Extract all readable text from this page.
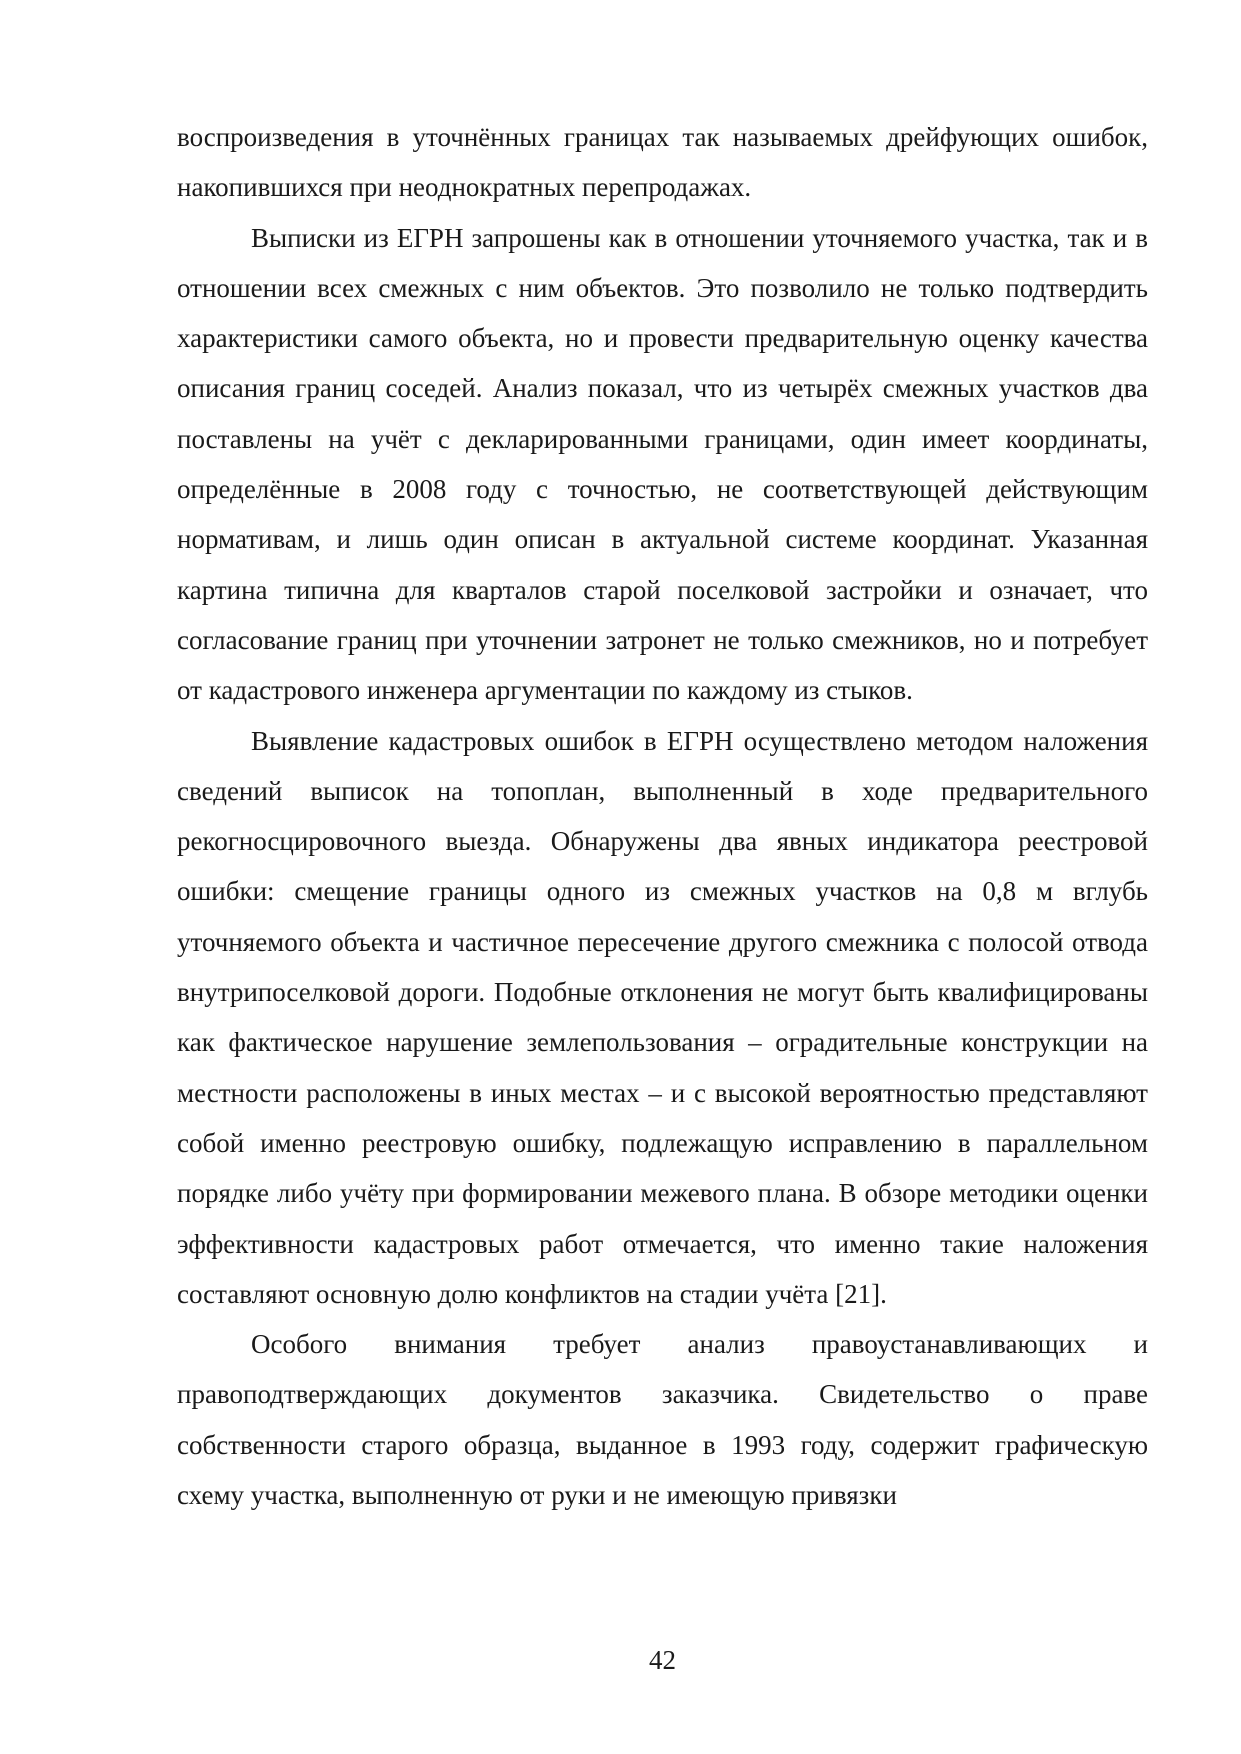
воспроизведения в уточнённых границах так называемых дрейфующих ошибок, накопившихся при неоднократных перепродажах.

Выписки из ЕГРН запрошены как в отношении уточняемого участка, так и в отношении всех смежных с ним объектов. Это позволило не только подтвердить характеристики самого объекта, но и провести предварительную оценку качества описания границ соседей. Анализ показал, что из четырёх смежных участков два поставлены на учёт с декларированными границами, один имеет координаты, определённые в 2008 году с точностью, не соответствующей действующим нормативам, и лишь один описан в актуальной системе координат. Указанная картина типична для кварталов старой поселковой застройки и означает, что согласование границ при уточнении затронет не только смежников, но и потребует от кадастрового инженера аргументации по каждому из стыков.

Выявление кадастровых ошибок в ЕГРН осуществлено методом наложения сведений выписок на топоплан, выполненный в ходе предварительного рекогносцировочного выезда. Обнаружены два явных индикатора реестровой ошибки: смещение границы одного из смежных участков на 0,8 м вглубь уточняемого объекта и частичное пересечение другого смежника с полосой отвода внутрипоселковой дороги. Подобные отклонения не могут быть квалифицированы как фактическое нарушение землепользования – оградительные конструкции на местности расположены в иных местах – и с высокой вероятностью представляют собой именно реестровую ошибку, подлежащую исправлению в параллельном порядке либо учёту при формировании межевого плана. В обзоре методики оценки эффективности кадастровых работ отмечается, что именно такие наложения составляют основную долю конфликтов на стадии учёта [21].

Особого внимания требует анализ правоустанавливающих и правоподтверждающих документов заказчика. Свидетельство о праве собственности старого образца, выданное в 1993 году, содержит графическую схему участка, выполненную от руки и не имеющую привязки

42
